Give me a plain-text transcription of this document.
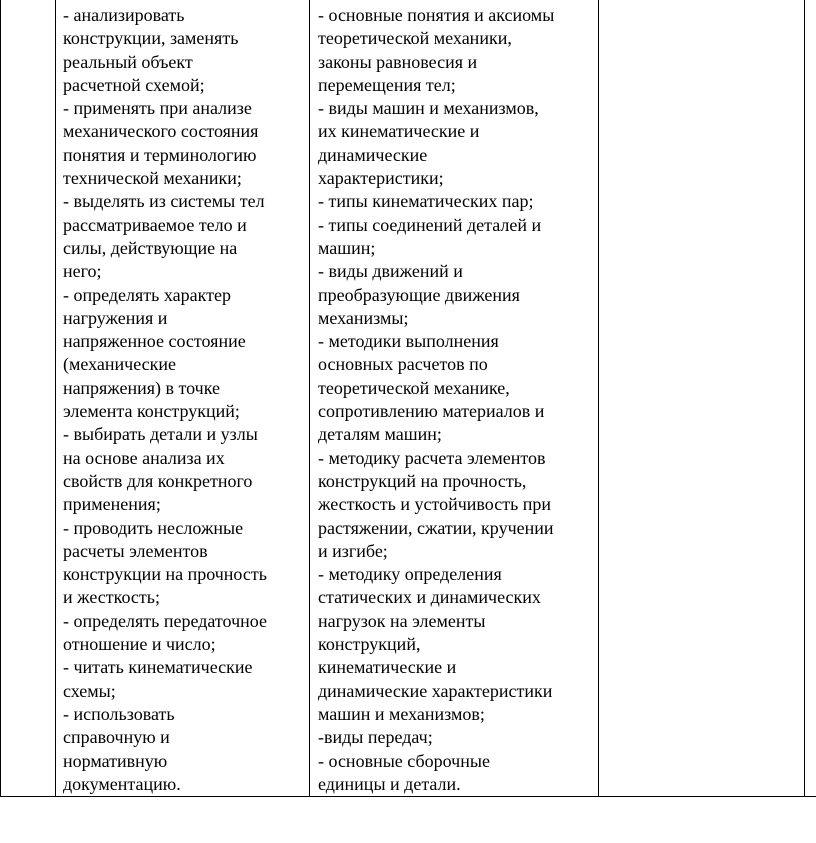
- анализировать
конструкции, заменять
реальный объект
расчетной схемой;
- применять при анализе
механического состояния
понятия и терминологию
технической механики;
- выделять из системы тел
рассматриваемое тело и
силы, действующие на
него;
- определять характер
нагружения и
напряженное состояние
(механические
напряжения) в точке
элемента конструкций;
- выбирать детали и узлы
на основе анализа их
свойств для конкретного
применения;
- проводить несложные
расчеты элементов
конструкции на прочность
и жесткость;
- определять передаточное
отношение и число;
- читать кинематические
схемы;
- использовать
справочную и
нормативную
документацию.
- основные понятия и аксиомы
теоретической механики,
законы равновесия и
перемещения тел;
- виды машин и механизмов,
их кинематические и
динамические
характеристики;
- типы кинематических пар;
- типы соединений деталей и
машин;
- виды движений и
преобразующие движения
механизмы;
- методики выполнения
основных расчетов по
теоретической механике,
сопротивлению материалов и
деталям машин;
- методику расчета элементов
конструкций на прочность,
жесткость и устойчивость при
растяжении, сжатии, кручении
и изгибе;
- методику определения
статических и динамических
нагрузок на элементы
конструкций,
кинематические и
динамические характеристики
машин и механизмов;
-виды передач;
- основные сборочные
единицы и детали.
